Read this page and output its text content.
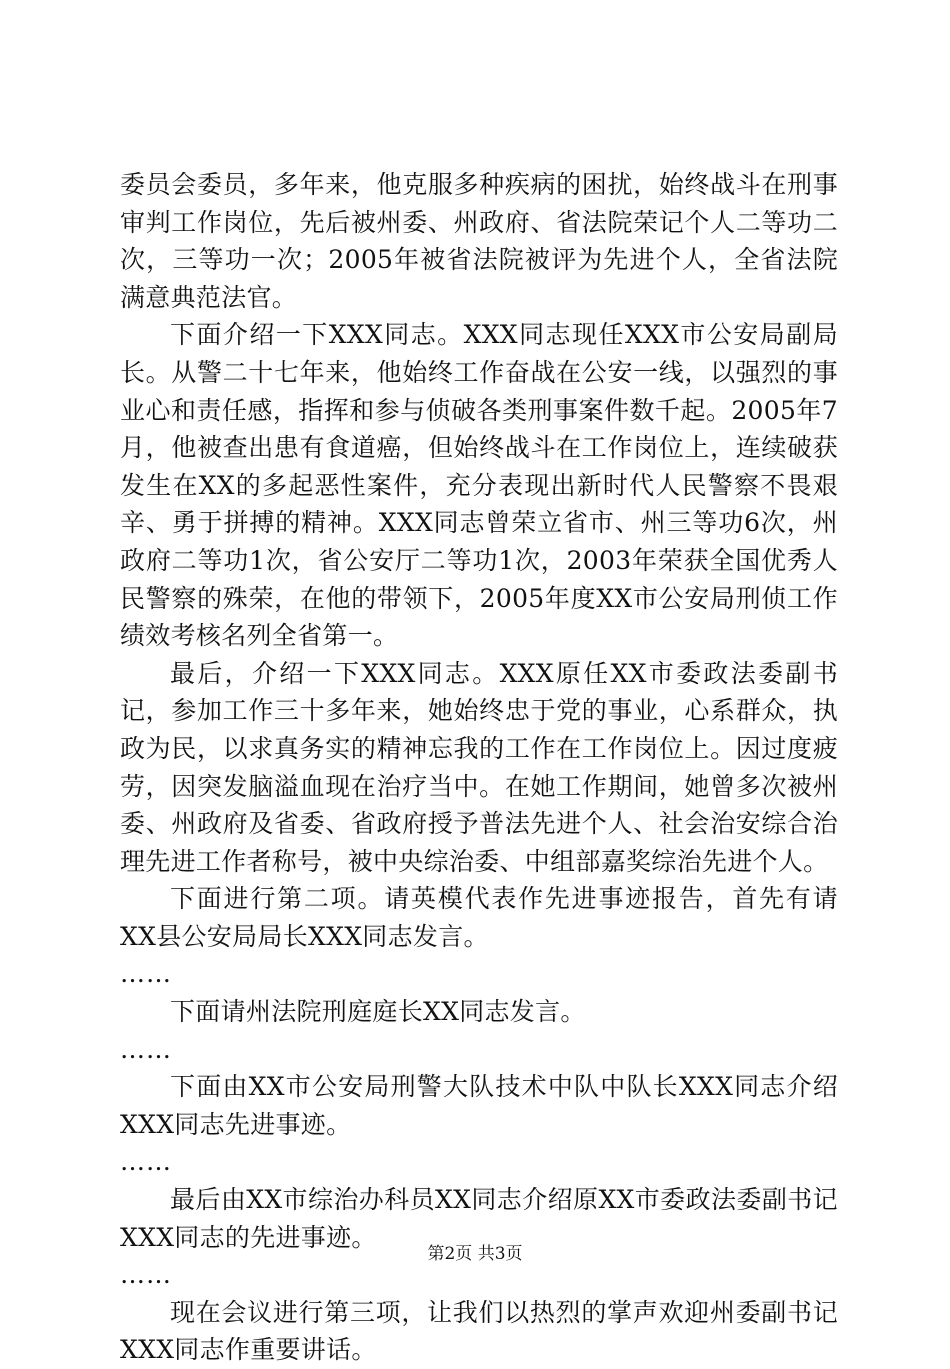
委员会委员，多年来，他克服多种疾病的困扰，始终战斗在刑事审判工作岗位，先后被州委、州政府、省法院荣记个人二等功二次，三等功一次；2005年被省法院被评为先进个人，全省法院满意典范法官。

下面介绍一下XXX同志。XXX同志现任XXX市公安局副局长。从警二十七年来，他始终工作奋战在公安一线，以强烈的事业心和责任感，指挥和参与侦破各类刑事案件数千起。2005年7月，他被查出患有食道癌，但始终战斗在工作岗位上，连续破获发生在XX的多起恶性案件，充分表现出新时代人民警察不畏艰辛、勇于拼搏的精神。XXX同志曾荣立省市、州三等功6次，州政府二等功1次，省公安厅二等功1次，2003年荣获全国优秀人民警察的殊荣，在他的带领下，2005年度XX市公安局刑侦工作绩效考核名列全省第一。

最后，介绍一下XXX同志。XXX原任XX市委政法委副书记，参加工作三十多年来，她始终忠于党的事业，心系群众，执政为民，以求真务实的精神忘我的工作在工作岗位上。因过度疲劳，因突发脑溢血现在治疗当中。在她工作期间，她曾多次被州委、州政府及省委、省政府授予普法先进个人、社会治安综合治理先进工作者称号，被中央综治委、中组部嘉奖综治先进个人。

下面进行第二项。请英模代表作先进事迹报告，首先有请XX县公安局局长XXX同志发言。

……

下面请州法院刑庭庭长XX同志发言。

……

下面由XX市公安局刑警大队技术中队中队长XXX同志介绍XXX同志先进事迹。

……

最后由XX市综治办科员XX同志介绍原XX市委政法委副书记XXX同志的先进事迹。

……

现在会议进行第三项，让我们以热烈的掌声欢迎州委副书记XXX同志作重要讲话。

第2页 共3页
